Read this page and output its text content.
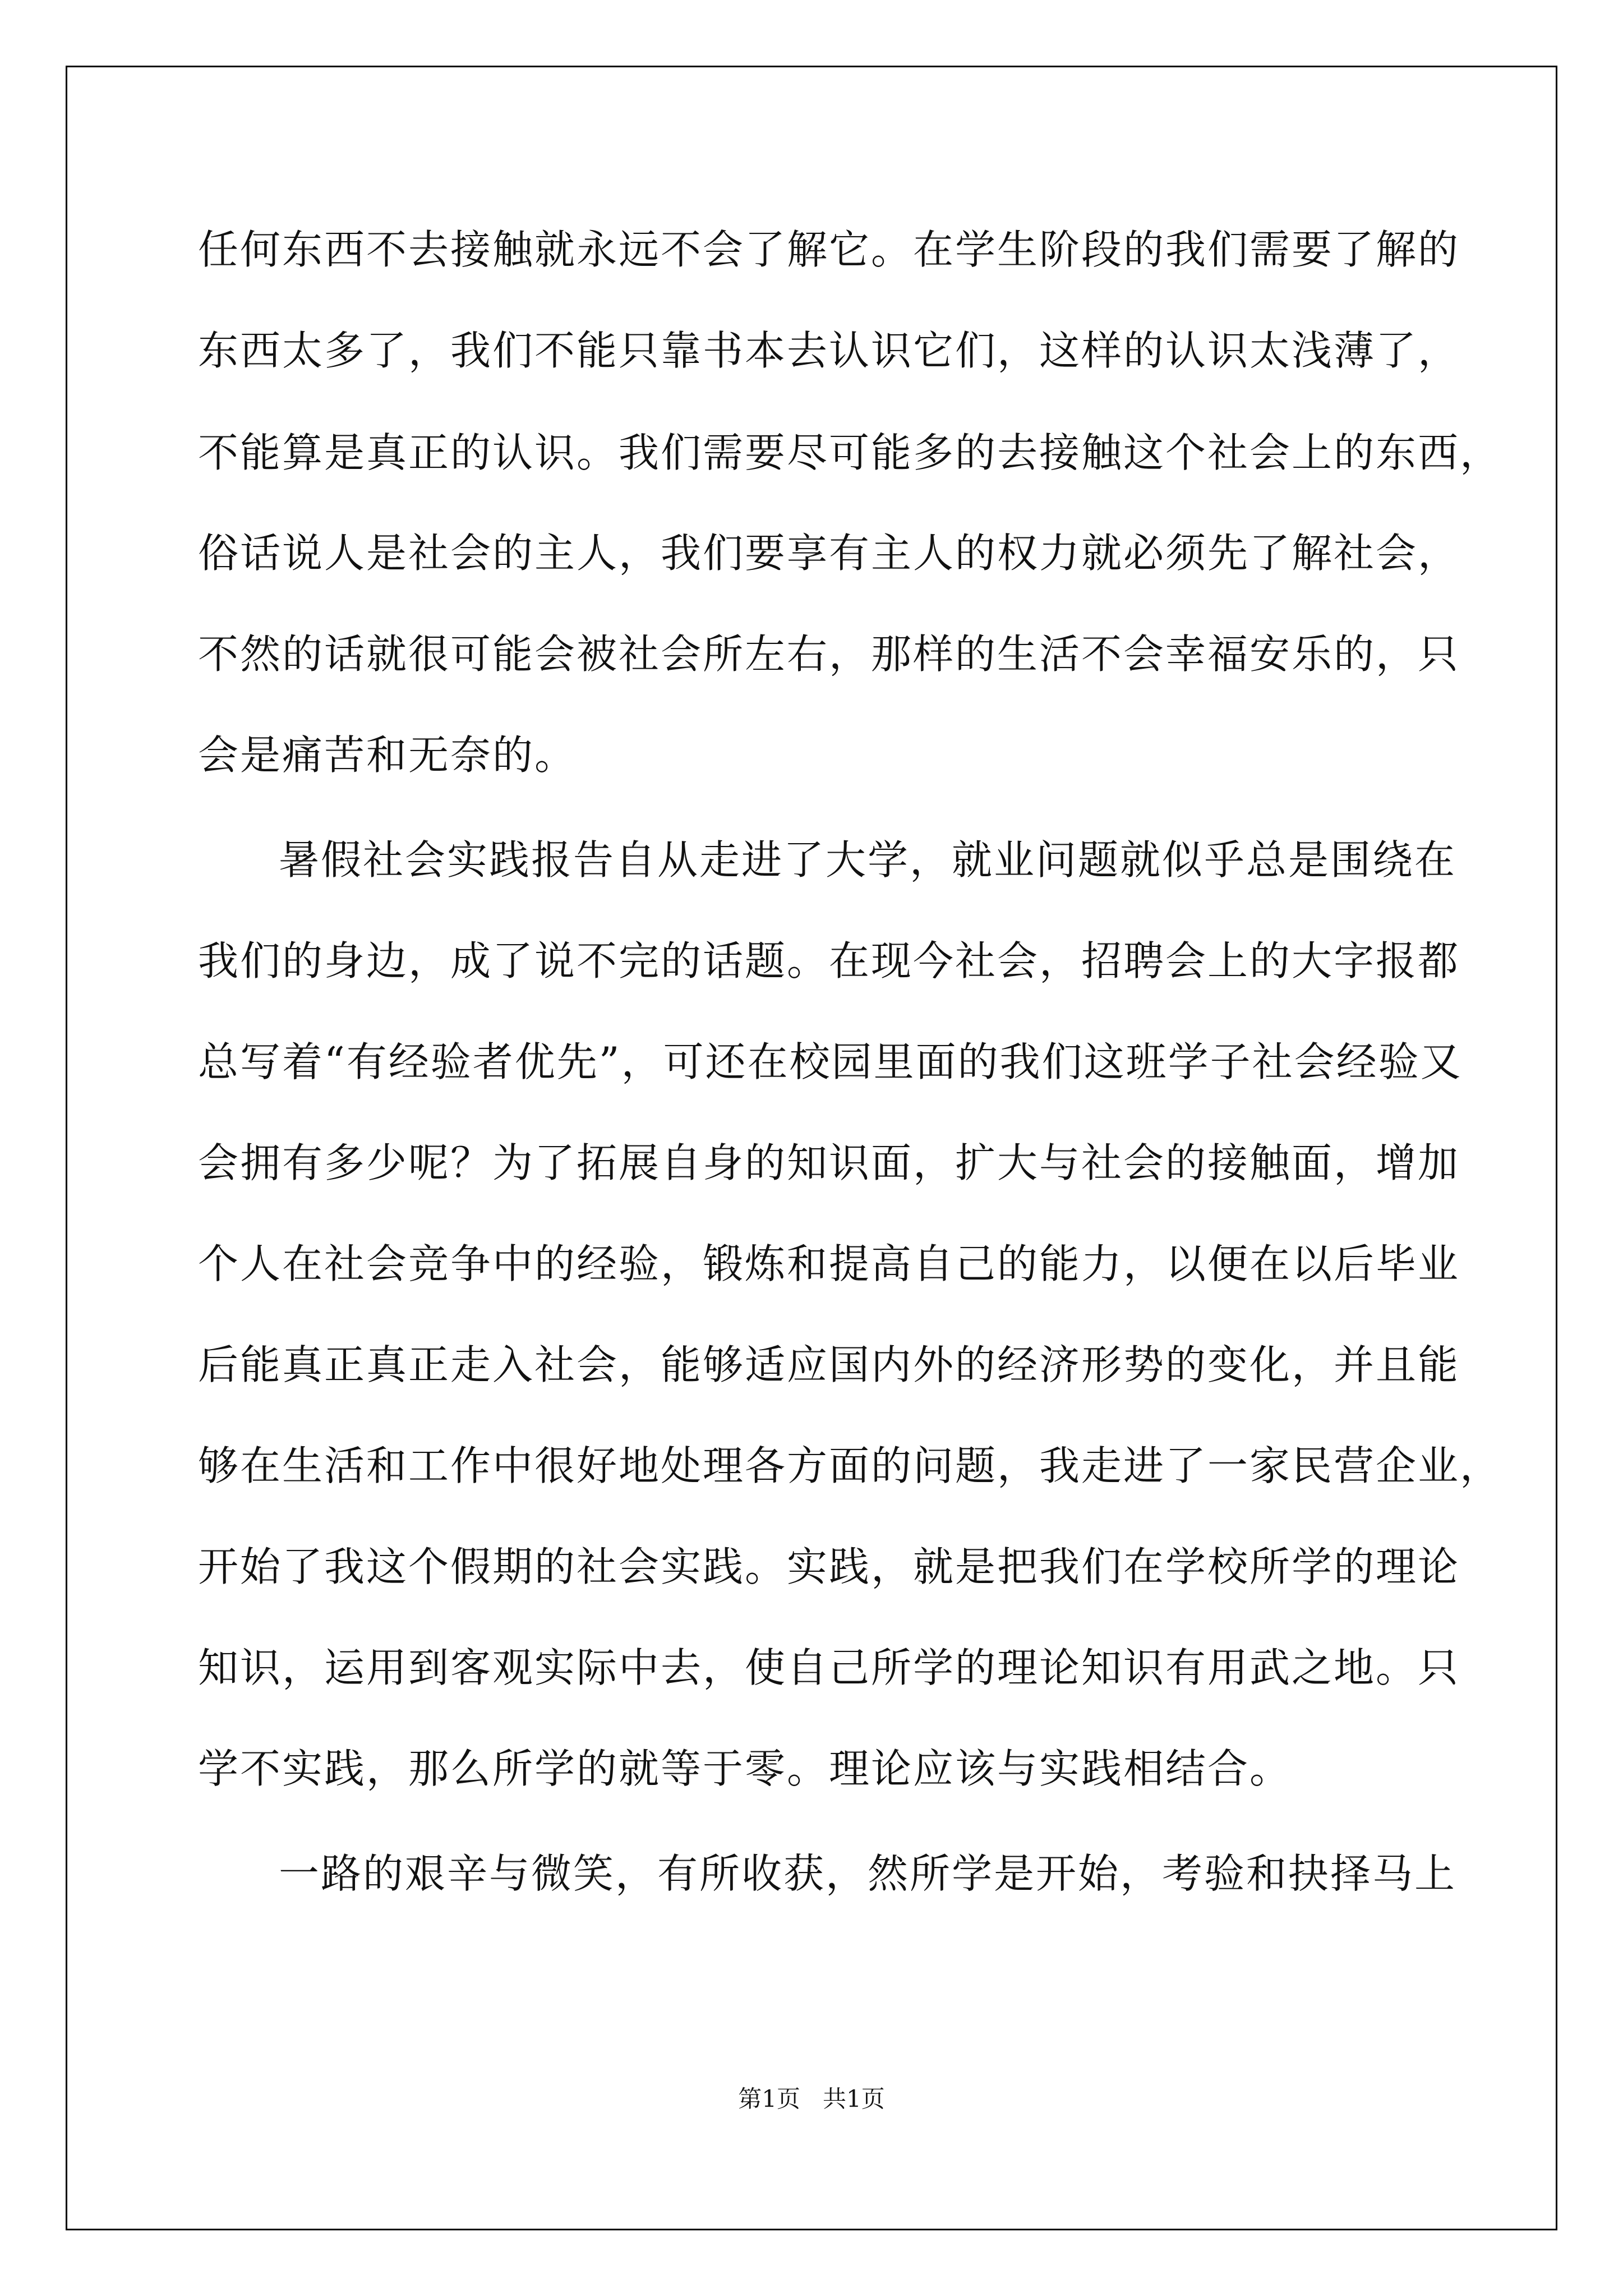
任何东西不去接触就永远不会了解它。在学生阶段的我们需要了解的
东西太多了，我们不能只靠书本去认识它们，这样的认识太浅薄了，
不能算是真正的认识。我们需要尽可能多的去接触这个社会上的东西，
俗话说人是社会的主人，我们要享有主人的权力就必须先了解社会，
不然的话就很可能会被社会所左右，那样的生活不会幸福安乐的，只
会是痛苦和无奈的。
暑假社会实践报告自从走进了大学，就业问题就似乎总是围绕在
我们的身边，成了说不完的话题。在现今社会，招聘会上的大字报都
总写着“有经验者优先”，可还在校园里面的我们这班学子社会经验又
会拥有多少呢？为了拓展自身的知识面，扩大与社会的接触面，增加
个人在社会竞争中的经验，锻炼和提高自己的能力，以便在以后毕业
后能真正真正走入社会，能够适应国内外的经济形势的变化，并且能
够在生活和工作中很好地处理各方面的问题，我走进了一家民营企业，
开始了我这个假期的社会实践。实践，就是把我们在学校所学的理论
知识，运用到客观实际中去，使自己所学的理论知识有用武之地。只
学不实践，那么所学的就等于零。理论应该与实践相结合。
一路的艰辛与微笑，有所收获，然所学是开始，考验和抉择马上
第1页   共1页
